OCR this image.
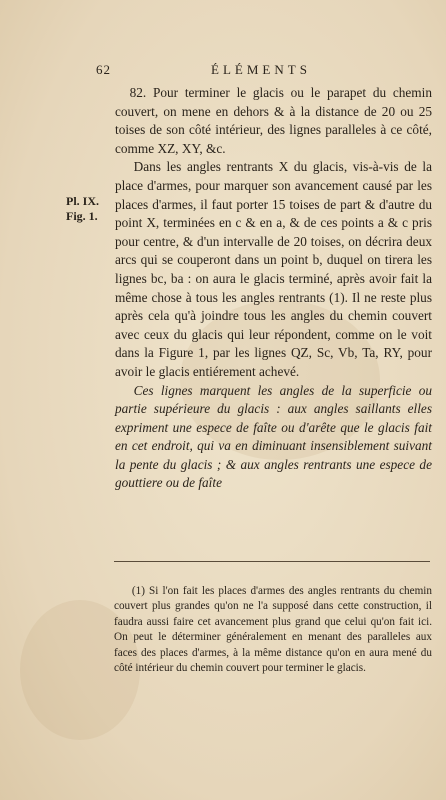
62	ÉLÉMENTS
Pl. IX.
Fig. 1.

82. Pour terminer le glacis ou le parapet du chemin couvert, on mene en dehors & à la distance de 20 ou 25 toises de son côté intérieur, des lignes paralleles à ce côté, comme XZ, XY, &c.

Dans les angles rentrants X du glacis, vis-à-vis de la place d'armes, pour marquer son avancement causé par les places d'armes, il faut porter 15 toises de part & d'autre du point X, terminées en c & en a, & de ces points a & c pris pour centre, & d'un intervalle de 20 toises, on décrira deux arcs qui se couperont dans un point b, duquel on tirera les lignes bc, ba : on aura le glacis terminé, après avoir fait la même chose à tous les angles rentrants (1). Il ne reste plus après cela qu'à joindre tous les angles du chemin couvert avec ceux du glacis qui leur répondent, comme on le voit dans la Figure 1, par les lignes QZ, Sc, Vb, Ta, RY, pour avoir le glacis entiérement achevé.

Ces lignes marquent les angles de la superficie ou partie supérieure du glacis : aux angles saillants elles expriment une espece de faîte ou d'arête que le glacis fait en cet endroit, qui va en diminuant insensiblement suivant la pente du glacis ; & aux angles rentrants une espece de gouttiere ou de faîte

(1) Si l'on fait les places d'armes des angles rentrants du chemin couvert plus grandes qu'on ne l'a supposé dans cette construction, il faudra aussi faire cet avancement plus grand que celui qu'on fait ici. On peut le déterminer généralement en menant des paralleles aux faces des places d'armes, à la même distance qu'on en aura mené du côté intérieur du chemin couvert pour terminer le glacis.
